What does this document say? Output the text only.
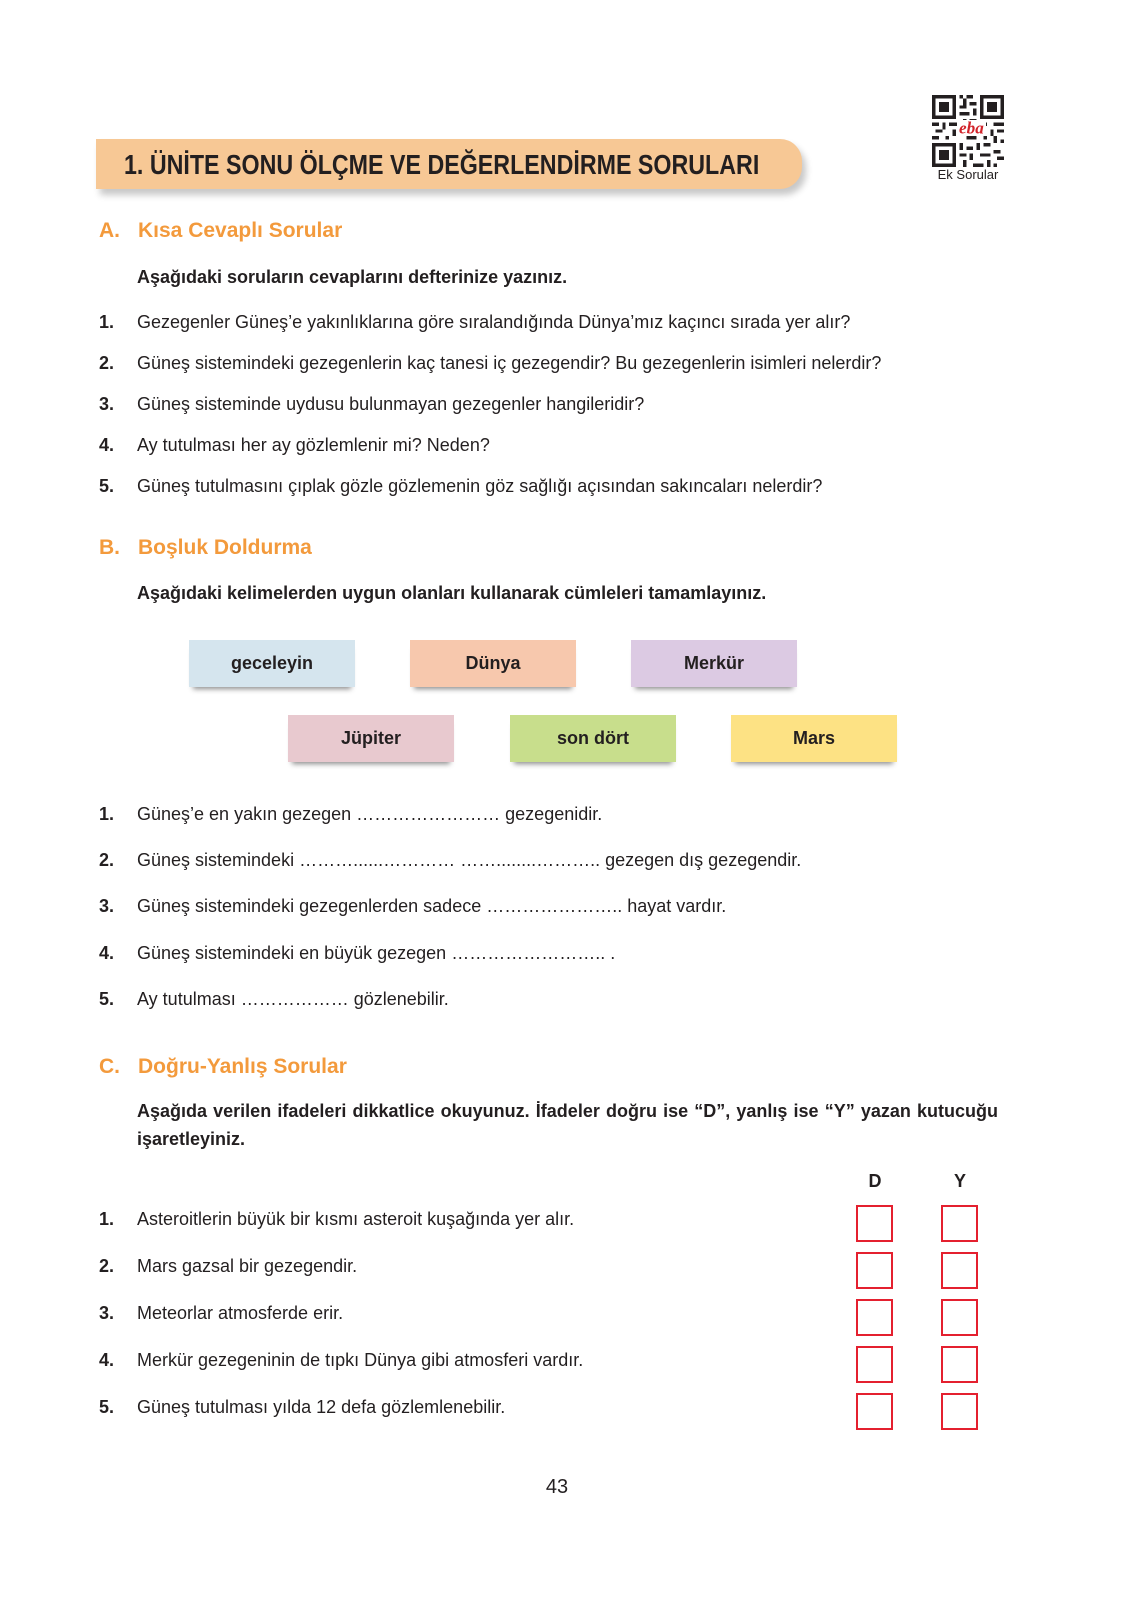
1. ÜNİTE SONU ÖLÇME VE DEĞERLENDİRME SORULARI
eba
Ek Sorular
A. Kısa Cevaplı Sorular

Aşağıdaki soruların cevaplarını defterinize yazınız.

1. Gezegenler Güneş’e yakınlıklarına göre sıralandığında Dünya’mız kaçıncı sırada yer alır?
2. Güneş sistemindeki gezegenlerin kaç tanesi iç gezegendir? Bu gezegenlerin isimleri nelerdir?
3. Güneş sisteminde uydusu bulunmayan gezegenler hangileridir?
4. Ay tutulması her ay gözlemlenir mi? Neden?
5. Güneş tutulmasını çıplak gözle gözlemenin göz sağlığı açısından sakıncaları nelerdir?
B. Boşluk Doldurma

Aşağıdaki kelimelerden uygun olanları kullanarak cümleleri tamamlayınız.

geceleyin	Dünya	Merkür
Jüpiter	son dört	Mars
1. Güneş’e en yakın gezegen …………………… gezegenidir.
2. Güneş sistemindeki ………......………… ……........……….. gezegen dış gezegendir.
3. Güneş sistemindeki gezegenlerden sadece ………………….. hayat vardır.
4. Güneş sistemindeki en büyük gezegen …………………….. .
5. Ay tutulması ……………… gözlenebilir.
C. Doğru-Yanlış Sorular

Aşağıda verilen ifadeleri dikkatlice okuyunuz. İfadeler doğru ise “D”, yanlış ise “Y” yazan kutucuğu işaretleyiniz.

D	Y
1. Asteroitlerin büyük bir kısmı asteroit kuşağında yer alır.
2. Mars gazsal bir gezegendir.
3. Meteorlar atmosferde erir.
4. Merkür gezegeninin de tıpkı Dünya gibi atmosferi vardır.
5. Güneş tutulması yılda 12 defa gözlemlenebilir.
43
